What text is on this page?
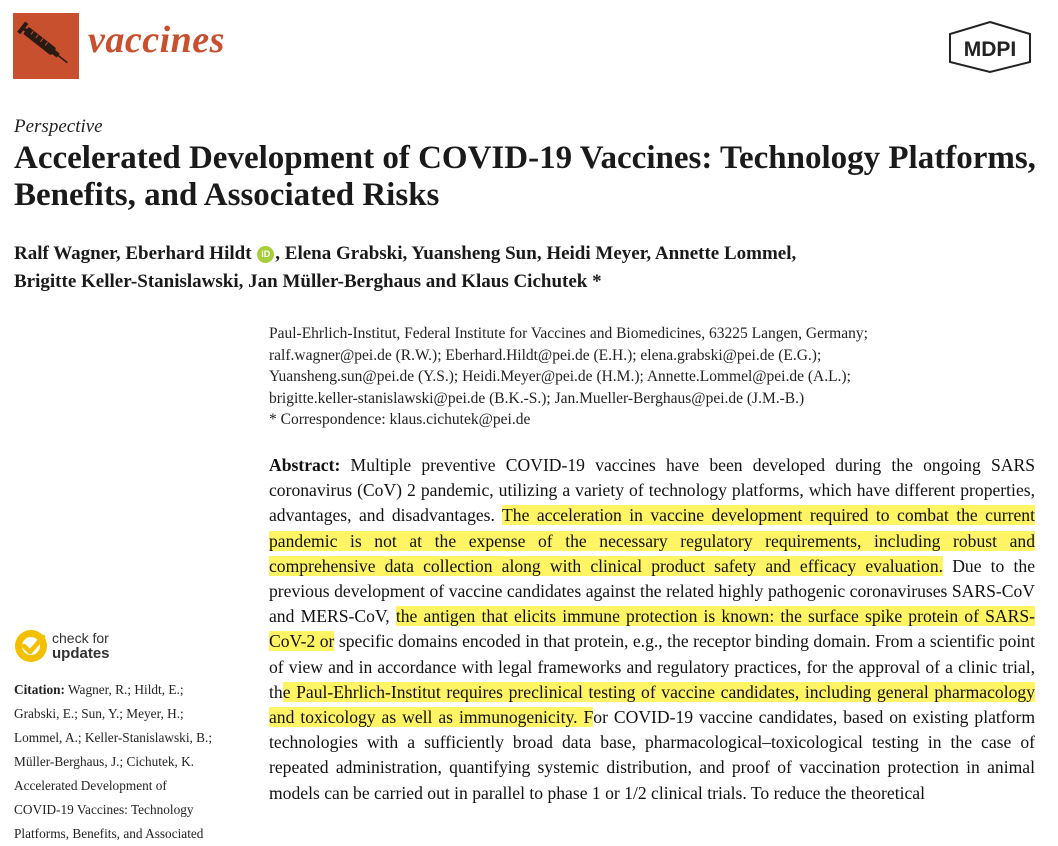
vaccines	MDPI
Perspective
Accelerated Development of COVID-19 Vaccines: Technology Platforms, Benefits, and Associated Risks
Ralf Wagner, Eberhard Hildt iD , Elena Grabski, Yuansheng Sun, Heidi Meyer, Annette Lommel,
Brigitte Keller-Stanislawski, Jan Müller-Berghaus and Klaus Cichutek *
Paul-Ehrlich-Institut, Federal Institute for Vaccines and Biomedicines, 63225 Langen, Germany;
ralf.wagner@pei.de (R.W.); Eberhard.Hildt@pei.de (E.H.); elena.grabski@pei.de (E.G.);
Yuansheng.sun@pei.de (Y.S.); Heidi.Meyer@pei.de (H.M.); Annette.Lommel@pei.de (A.L.);
brigitte.keller-stanislawski@pei.de (B.K.-S.); Jan.Mueller-Berghaus@pei.de (J.M.-B.)
* Correspondence: klaus.cichutek@pei.de

Abstract: Multiple preventive COVID-19 vaccines have been developed during the ongoing SARS coronavirus (CoV) 2 pandemic, utilizing a variety of technology platforms, which have different properties, advantages, and disadvantages. The acceleration in vaccine development required to combat the current pandemic is not at the expense of the necessary regulatory requirements, including robust and comprehensive data collection along with clinical product safety and efficacy evaluation. Due to the previous development of vaccine candidates against the related highly pathogenic coronaviruses SARS-CoV and MERS-CoV, the antigen that elicits immune protection is known: the surface spike protein of SARS-CoV-2 or specific domains encoded in that protein, e.g., the receptor binding domain. From a scientific point of view and in accordance with legal frameworks and regulatory practices, for the approval of a clinic trial, the Paul-Ehrlich-Institut requires preclinical testing of vaccine candidates, including general pharmacology and toxicology as well as immunogenicity. For COVID-19 vaccine candidates, based on existing platform technologies with a sufficiently broad data base, pharmacological–toxicological testing in the case of repeated administration, quantifying systemic distribution, and proof of vaccination protection in animal models can be carried out in parallel to phase 1 or 1/2 clinical trials. To reduce the theoretical

check for
updates
Citation: Wagner, R.; Hildt, E.;
Grabski, E.; Sun, Y.; Meyer, H.;
Lommel, A.; Keller-Stanislawski, B.;
Müller-Berghaus, J.; Cichutek, K.
Accelerated Development of
COVID-19 Vaccines: Technology
Platforms, Benefits, and Associated
